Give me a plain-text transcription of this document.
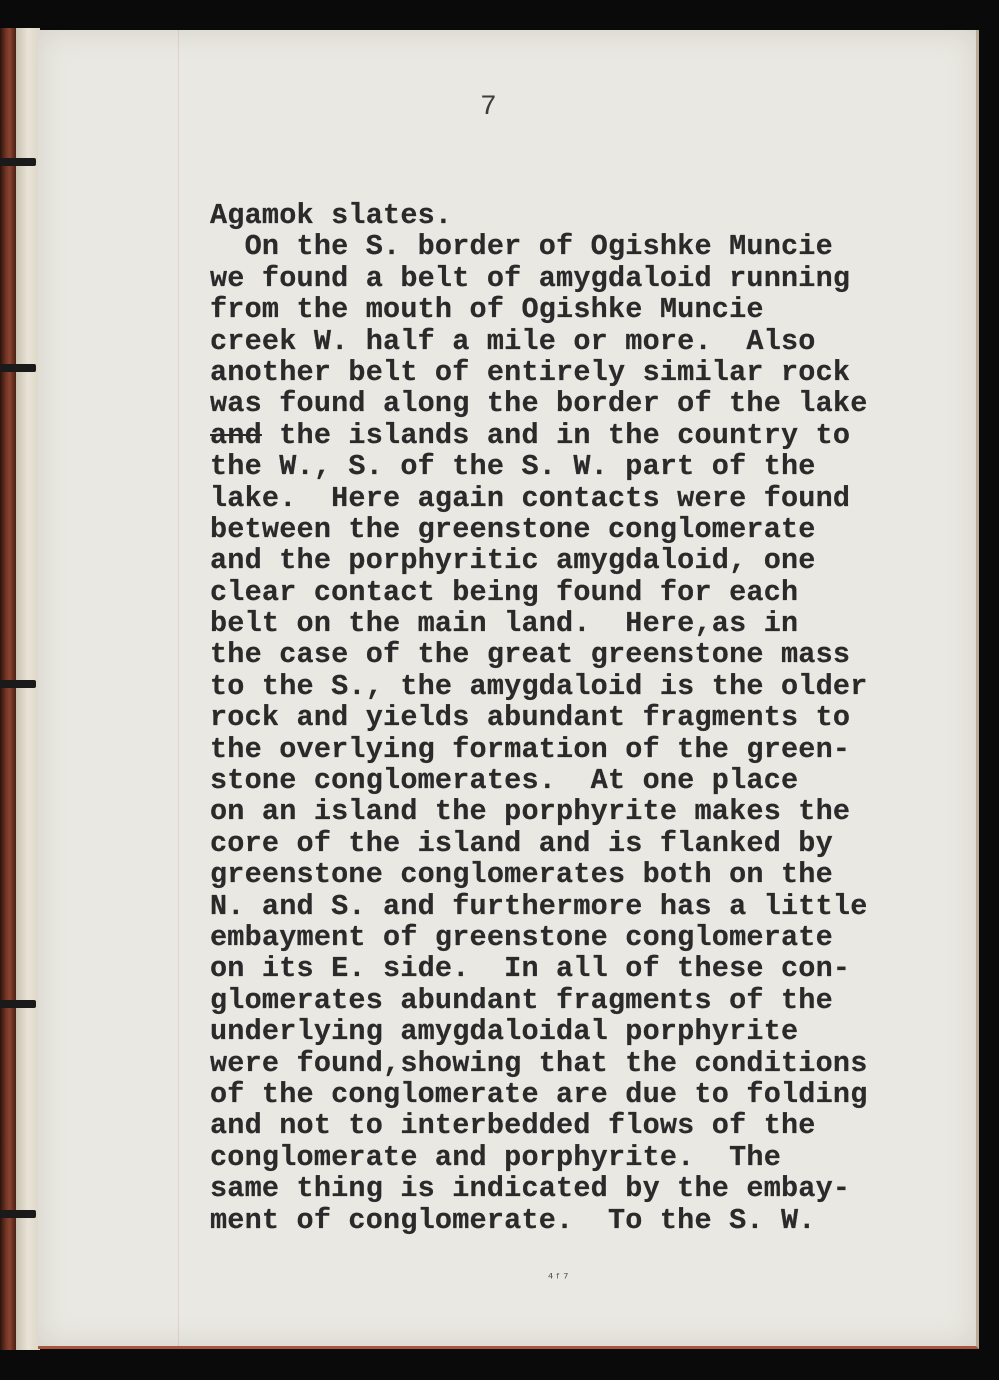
7
Agamok slates.
On the S. border of Ogishke Muncie
we found a belt of amygdaloid running
from the mouth of Ogishke Muncie
creek W. half a mile or more.  Also
another belt of entirely similar rock
was found along the border of the lake
and the islands and in the country to
the W., S. of the S. W. part of the
lake.  Here again contacts were found
between the greenstone conglomerate
and the porphyritic amygdaloid, one
clear contact being found for each
belt on the main land.  Here,as in
the case of the great greenstone mass
to the S., the amygdaloid is the older
rock and yields abundant fragments to
the overlying formation of the green-
stone conglomerates.  At one place
on an island the porphyrite makes the
core of the island and is flanked by
greenstone conglomerates both on the
N. and S. and furthermore has a little
embayment of greenstone conglomerate
on its E. side.  In all of these con-
glomerates abundant fragments of the
underlying amygdaloidal porphyrite
were found,showing that the conditions
of the conglomerate are due to folding
and not to interbedded flows of the
conglomerate and porphyrite.  The
same thing is indicated by the embay-
ment of conglomerate.  To the S. W.
⁴ᶠ⁷
